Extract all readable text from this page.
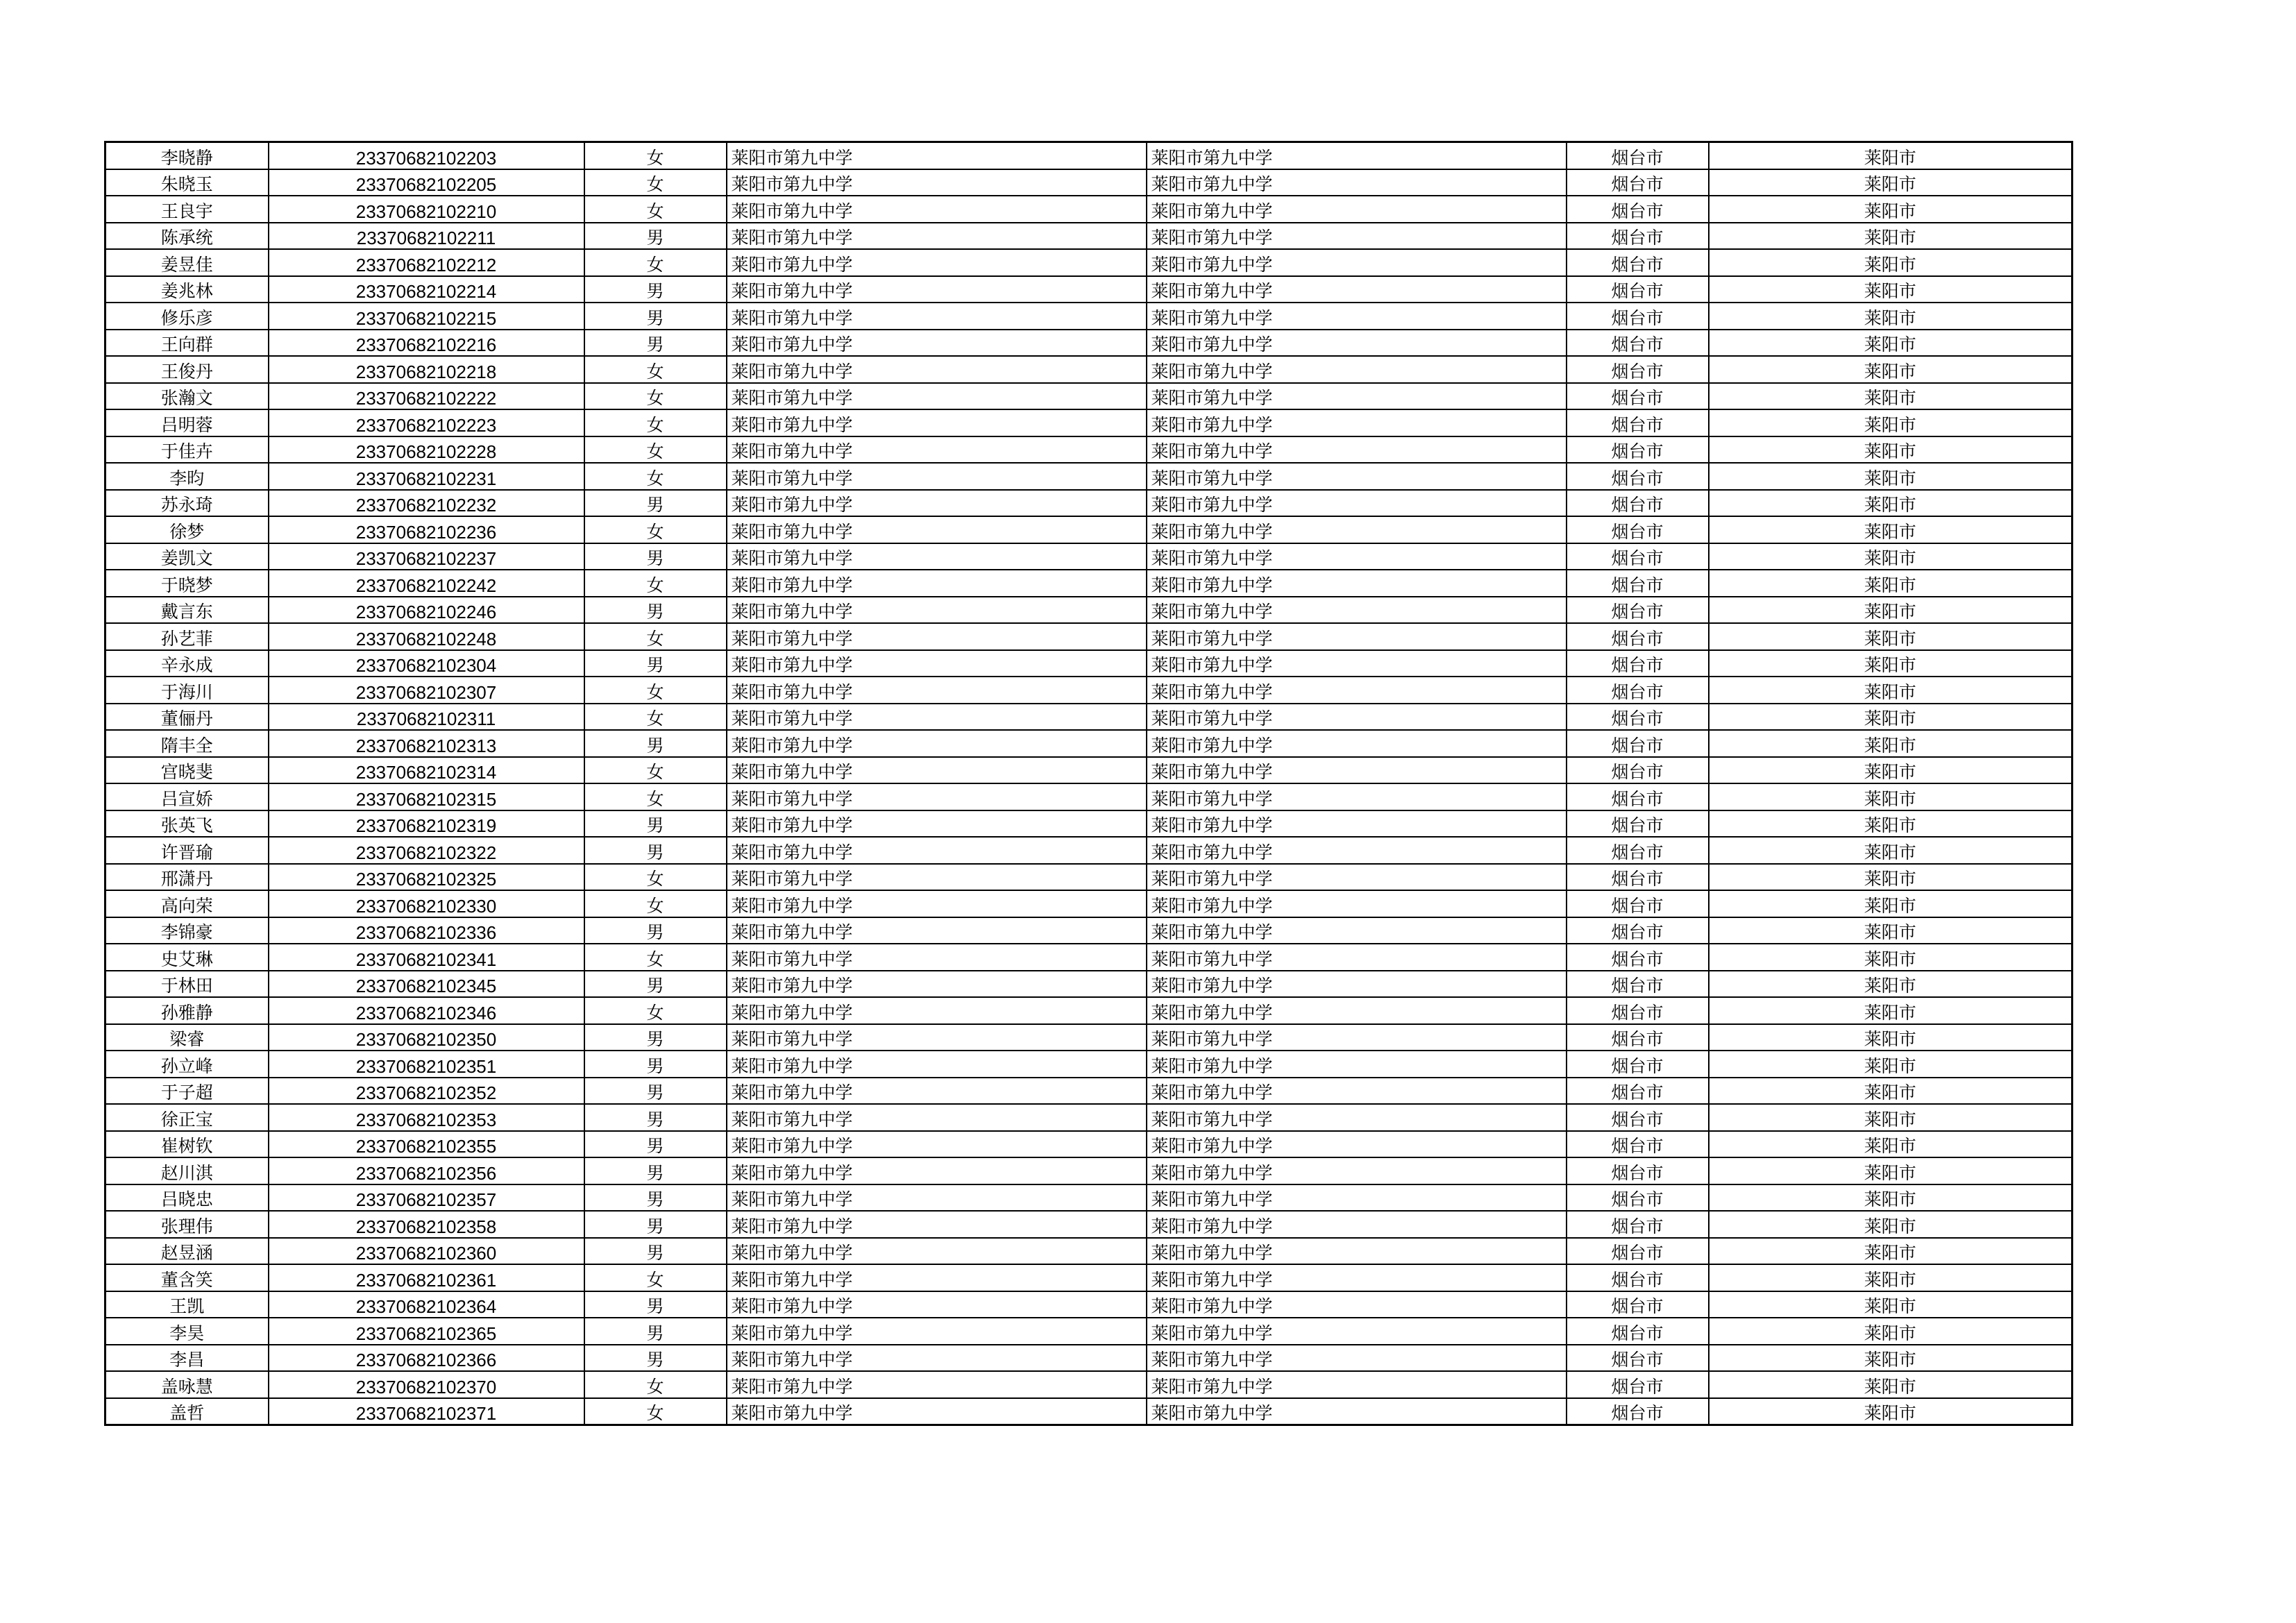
李晓静	23370682102203	女	莱阳市第九中学	莱阳市第九中学	烟台市	莱阳市
朱晓玉	23370682102205	女	莱阳市第九中学	莱阳市第九中学	烟台市	莱阳市
王良宇	23370682102210	女	莱阳市第九中学	莱阳市第九中学	烟台市	莱阳市
陈承统	23370682102211	男	莱阳市第九中学	莱阳市第九中学	烟台市	莱阳市
姜昱佳	23370682102212	女	莱阳市第九中学	莱阳市第九中学	烟台市	莱阳市
姜兆林	23370682102214	男	莱阳市第九中学	莱阳市第九中学	烟台市	莱阳市
修乐彦	23370682102215	男	莱阳市第九中学	莱阳市第九中学	烟台市	莱阳市
王向群	23370682102216	男	莱阳市第九中学	莱阳市第九中学	烟台市	莱阳市
王俊丹	23370682102218	女	莱阳市第九中学	莱阳市第九中学	烟台市	莱阳市
张瀚文	23370682102222	女	莱阳市第九中学	莱阳市第九中学	烟台市	莱阳市
吕明蓉	23370682102223	女	莱阳市第九中学	莱阳市第九中学	烟台市	莱阳市
于佳卉	23370682102228	女	莱阳市第九中学	莱阳市第九中学	烟台市	莱阳市
李昀	23370682102231	女	莱阳市第九中学	莱阳市第九中学	烟台市	莱阳市
苏永琦	23370682102232	男	莱阳市第九中学	莱阳市第九中学	烟台市	莱阳市
徐梦	23370682102236	女	莱阳市第九中学	莱阳市第九中学	烟台市	莱阳市
姜凯文	23370682102237	男	莱阳市第九中学	莱阳市第九中学	烟台市	莱阳市
于晓梦	23370682102242	女	莱阳市第九中学	莱阳市第九中学	烟台市	莱阳市
戴言东	23370682102246	男	莱阳市第九中学	莱阳市第九中学	烟台市	莱阳市
孙艺菲	23370682102248	女	莱阳市第九中学	莱阳市第九中学	烟台市	莱阳市
辛永成	23370682102304	男	莱阳市第九中学	莱阳市第九中学	烟台市	莱阳市
于海川	23370682102307	女	莱阳市第九中学	莱阳市第九中学	烟台市	莱阳市
董俪丹	23370682102311	女	莱阳市第九中学	莱阳市第九中学	烟台市	莱阳市
隋丰全	23370682102313	男	莱阳市第九中学	莱阳市第九中学	烟台市	莱阳市
宫晓斐	23370682102314	女	莱阳市第九中学	莱阳市第九中学	烟台市	莱阳市
吕宣娇	23370682102315	女	莱阳市第九中学	莱阳市第九中学	烟台市	莱阳市
张英飞	23370682102319	男	莱阳市第九中学	莱阳市第九中学	烟台市	莱阳市
许晋瑜	23370682102322	男	莱阳市第九中学	莱阳市第九中学	烟台市	莱阳市
邢潇丹	23370682102325	女	莱阳市第九中学	莱阳市第九中学	烟台市	莱阳市
高向荣	23370682102330	女	莱阳市第九中学	莱阳市第九中学	烟台市	莱阳市
李锦豪	23370682102336	男	莱阳市第九中学	莱阳市第九中学	烟台市	莱阳市
史艾琳	23370682102341	女	莱阳市第九中学	莱阳市第九中学	烟台市	莱阳市
于林田	23370682102345	男	莱阳市第九中学	莱阳市第九中学	烟台市	莱阳市
孙雅静	23370682102346	女	莱阳市第九中学	莱阳市第九中学	烟台市	莱阳市
梁睿	23370682102350	男	莱阳市第九中学	莱阳市第九中学	烟台市	莱阳市
孙立峰	23370682102351	男	莱阳市第九中学	莱阳市第九中学	烟台市	莱阳市
于子超	23370682102352	男	莱阳市第九中学	莱阳市第九中学	烟台市	莱阳市
徐正宝	23370682102353	男	莱阳市第九中学	莱阳市第九中学	烟台市	莱阳市
崔树钦	23370682102355	男	莱阳市第九中学	莱阳市第九中学	烟台市	莱阳市
赵川淇	23370682102356	男	莱阳市第九中学	莱阳市第九中学	烟台市	莱阳市
吕晓忠	23370682102357	男	莱阳市第九中学	莱阳市第九中学	烟台市	莱阳市
张理伟	23370682102358	男	莱阳市第九中学	莱阳市第九中学	烟台市	莱阳市
赵昱涵	23370682102360	男	莱阳市第九中学	莱阳市第九中学	烟台市	莱阳市
董含笑	23370682102361	女	莱阳市第九中学	莱阳市第九中学	烟台市	莱阳市
王凯	23370682102364	男	莱阳市第九中学	莱阳市第九中学	烟台市	莱阳市
李昊	23370682102365	男	莱阳市第九中学	莱阳市第九中学	烟台市	莱阳市
李昌	23370682102366	男	莱阳市第九中学	莱阳市第九中学	烟台市	莱阳市
盖咏慧	23370682102370	女	莱阳市第九中学	莱阳市第九中学	烟台市	莱阳市
盖哲	23370682102371	女	莱阳市第九中学	莱阳市第九中学	烟台市	莱阳市
